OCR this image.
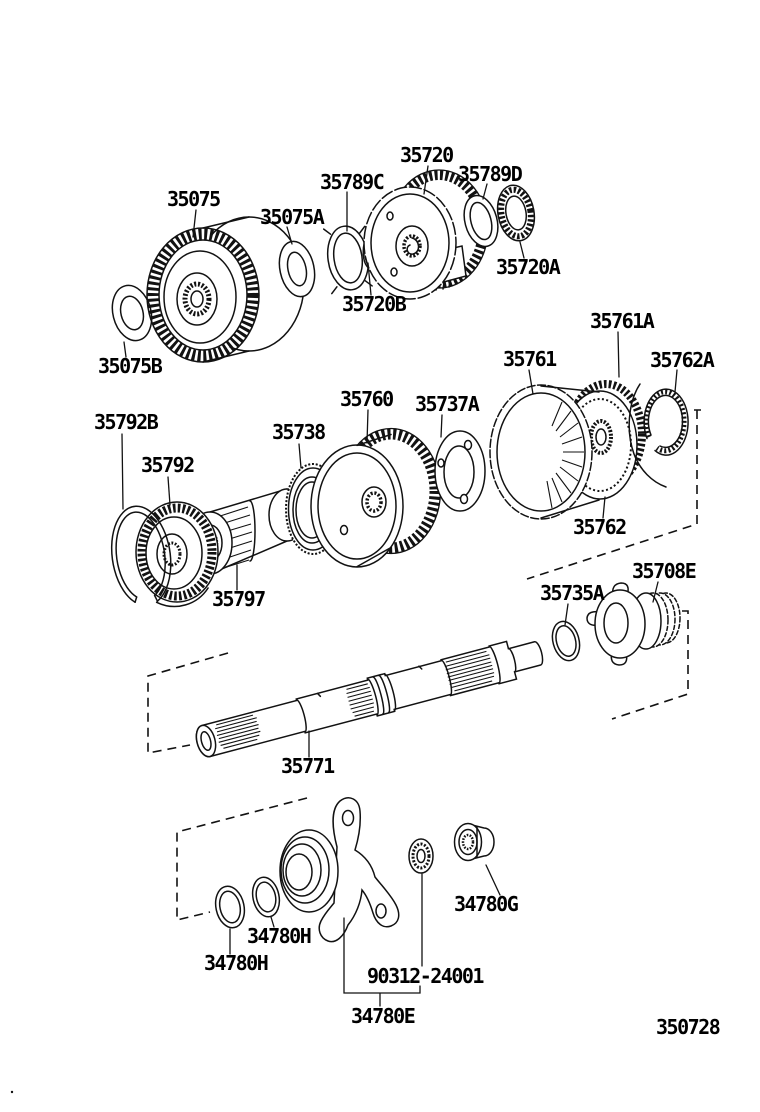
35075
35075A
35075B
35789C
35720
35789D
35720A
35720B
35761A
35761	35762A
35762
35792B
35792
35738
35760 35737A
35797	35735A
35708E
35771
34780H
34780H
34780G
90312-24001
34780E	350728
